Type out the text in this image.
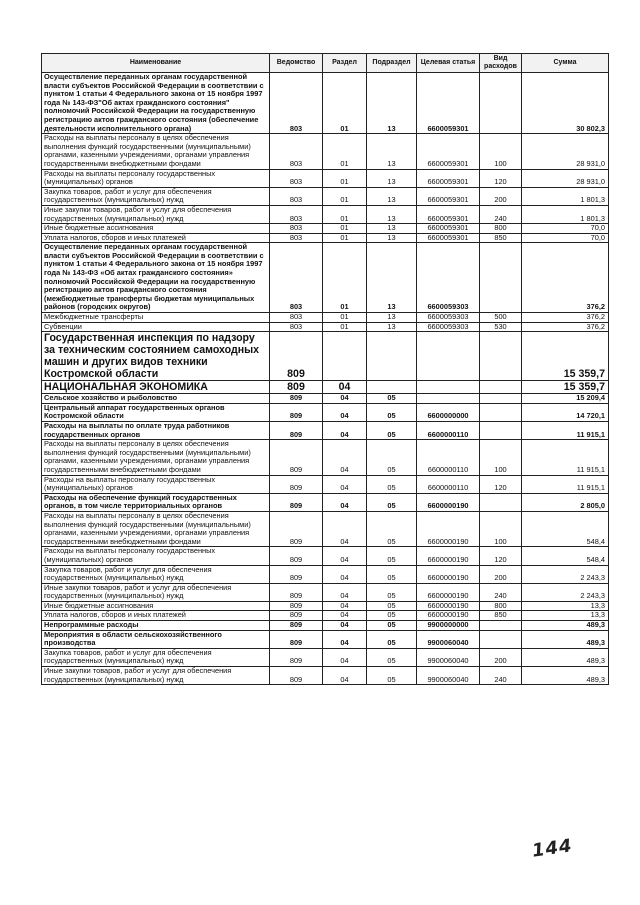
Наименование	Ведомство	Раздел	Подраздел	Целевая статья	Вид расходов	Сумма
Осуществление переданных органам государственной власти субъектов Российской Федерации в соответствии с пунктом 1 статьи 4 Федерального закона от 15 ноября 1997 года № 143-ФЗ"Об актах гражданского состояния" полномочий Российской Федерации на государственную регистрацию актов гражданского состояния (обеспечение деятельности исполнительного органа)	803	01	13	6600059301		30 802,3
Расходы на выплаты персоналу в целях обеспечения выполнения функций государственными (муниципальными) органами, казенными учреждениями, органами управления государственными внебюджетными фондами	803	01	13	6600059301	100	28 931,0
Расходы на выплаты персоналу государственных (муниципальных) органов	803	01	13	6600059301	120	28 931,0
Закупка товаров, работ и услуг для обеспечения государственных (муниципальных) нужд	803	01	13	6600059301	200	1 801,3
Иные закупки товаров, работ и услуг для обеспечения государственных (муниципальных) нужд	803	01	13	6600059301	240	1 801,3
Иные бюджетные ассигнования	803	01	13	6600059301	800	70,0
Уплата налогов, сборов и иных платежей	803	01	13	6600059301	850	70,0
Осуществление переданных органам государственной власти субъектов Российской Федерации в соответствии с пунктом 1 статьи 4 Федерального закона от 15 ноября 1997 года № 143-ФЗ «Об актах гражданского состояния» полномочий Российской Федерации на государственную регистрацию актов гражданского состояния (межбюджетные трансферты бюджетам муниципальных районов (городских округов)	803	01	13	6600059303		376,2
Межбюджетные трансферты	803	01	13	6600059303	500	376,2
Субвенции	803	01	13	6600059303	530	376,2
Государственная инспекция по надзору за техническим состоянием самоходных машин и других видов техники Костромской области	809					15 359,7
НАЦИОНАЛЬНАЯ ЭКОНОМИКА	809	04				15 359,7
Сельское хозяйство и рыболовство	809	04	05			15 209,4
Центральный аппарат государственных органов Костромской области	809	04	05	6600000000		14 720,1
Расходы на выплаты по оплате труда работников государственных органов	809	04	05	6600000110		11 915,1
Расходы на выплаты персоналу в целях обеспечения выполнения функций государственными (муниципальными) органами, казенными учреждениями, органами управления государственными внебюджетными фондами	809	04	05	6600000110	100	11 915,1
Расходы на выплаты персоналу государственных (муниципальных) органов	809	04	05	6600000110	120	11 915,1
Расходы на обеспечение функций государственных органов, в том числе территориальных органов	809	04	05	6600000190		2 805,0
Расходы на выплаты персоналу в целях обеспечения выполнения функций государственными (муниципальными) органами, казенными учреждениями, органами управления государственными внебюджетными фондами	809	04	05	6600000190	100	548,4
Расходы на выплаты персоналу государственных (муниципальных) органов	809	04	05	6600000190	120	548,4
Закупка товаров, работ и услуг для обеспечения государственных (муниципальных) нужд	809	04	05	6600000190	200	2 243,3
Иные закупки товаров, работ и услуг для обеспечения государственных (муниципальных) нужд	809	04	05	6600000190	240	2 243,3
Иные бюджетные ассигнования	809	04	05	6600000190	800	13,3
Уплата налогов, сборов и иных платежей	809	04	05	6600000190	850	13,3
Непрограммные расходы	809	04	05	9900000000		489,3
Мероприятия в области сельскохозяйственного производства	809	04	05	9900060040		489,3
Закупка товаров, работ и услуг для обеспечения государственных (муниципальных) нужд	809	04	05	9900060040	200	489,3
Иные закупки товаров, работ и услуг для обеспечения государственных (муниципальных) нужд	809	04	05	9900060040	240	489,3
144
